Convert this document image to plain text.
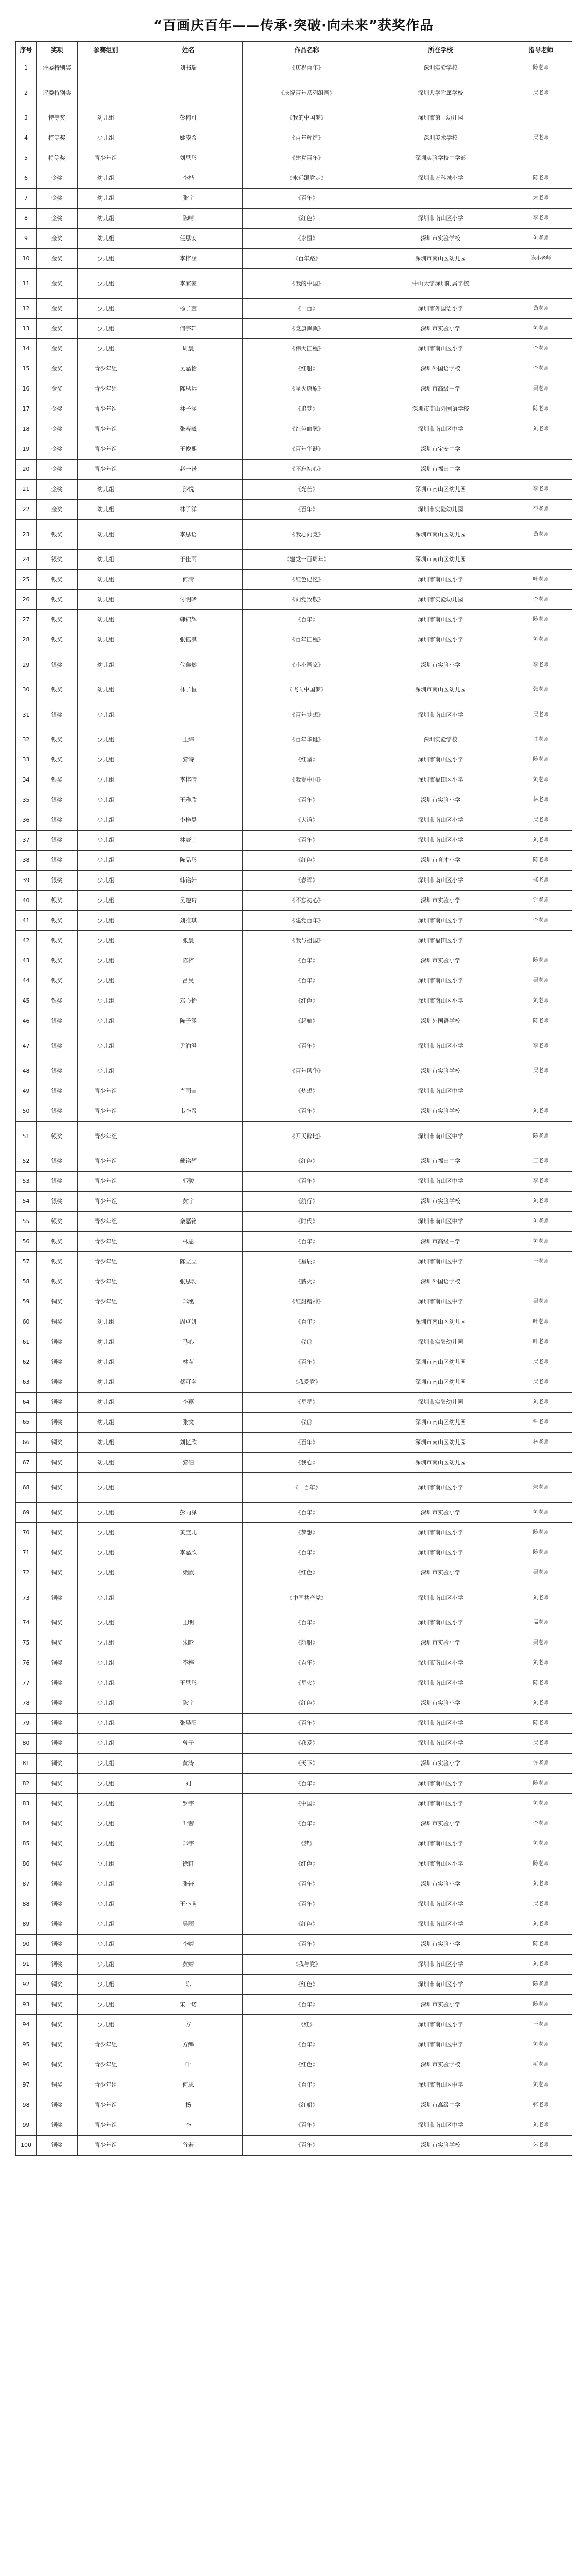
“百画庆百年——传承·突破·向未来”获奖作品
序号	奖项	参赛组别	姓名	作品名称	所在学校	指导老师
1	评委特别奖		刘书瑞	《庆祝百年》	深圳实验学校	陈老师
2	评委特别奖			《庆祝百年系列组画》	深圳大学附属学校	吴老师
3	特等奖	幼儿组	彭柯可	《我的中国梦》	深圳市第一幼儿园	
4	特等奖	少儿组	姚凌希	《百年辉煌》	深圳美术学校	吴老师
5	特等奖	青少年组	刘思彤	《建党百年》	深圳实验学校中学部	
6	金奖	幼儿组	李楷	《永远跟党走》	深圳市万科城小学	陈老师
7	金奖	幼儿组	张宇	《百年》		大老师
8	金奖	幼儿组	陈晴	《红色》	深圳市南山区小学	李老师
9	金奖	幼儿组	任思安	《永恒》	深圳市实验学校	刘老师
10	金奖	少儿组	李梓涵	《百年路》	深圳市南山区幼儿园	陈小老师
11	金奖	少儿组	李家豪	《我的中国》	中山大学深圳附属学校	
12	金奖	少儿组	杨子萱	《一百》	深圳市外国语小学	黄老师
13	金奖	少儿组	何宇轩	《党旗飘飘》	深圳市实验小学	刘老师
14	金奖	少儿组	周晨	《伟大征程》	深圳市南山区小学	李老师
15	金奖	青少年组	吴嘉怡	《红船》	深圳外国语学校	李老师
16	金奖	青少年组	陈思远	《星火燎原》	深圳市高级中学	吴老师
17	金奖	青少年组	林子涵	《追梦》	深圳市南山外国语学校	陈老师
18	金奖	青少年组	张若曦	《红色血脉》	深圳市南山区中学	刘老师
19	金奖	青少年组	王俊熙	《百年华诞》	深圳市宝安中学	
20	金奖	青少年组	赵一诺	《不忘初心》	深圳市福田中学	
21	金奖	幼儿组	孙悦	《光芒》	深圳市南山区幼儿园	李老师
22	金奖	幼儿组	林子洋	《百年》	深圳市实验幼儿园	李老师
23	银奖	幼儿组	李思语	《我心向党》	深圳市南山区幼儿园	黄老师
24	银奖	幼儿组	于佳雨	《建党一百周年》	深圳市南山区幼儿园	
25	银奖	幼儿组	何清	《红色记忆》	深圳市南山区小学	叶老师
26	银奖	幼儿组	付明晞	《向党致敬》	深圳市实验幼儿园	李老师
27	银奖	幼儿组	韩锦辉	《百年》	深圳市南山区小学	陈老师
28	银奖	幼儿组	张钰淇	《百年征程》	深圳市南山区小学	刘老师
29	银奖	幼儿组	代鑫然	《小小画家》	深圳市实验小学	李老师
30	银奖	幼儿组	林子恒	《飞向中国梦》	深圳市南山区幼儿园	张老师
31	银奖	少儿组		《百年梦想》	深圳市南山区小学	吴老师
32	银奖	少儿组	王炜	《百年华诞》	深圳实验学校	许老师
33	银奖	少儿组	黎诗	《红星》	深圳市南山区小学	陈老师
34	银奖	少儿组	李梓晴	《我爱中国》	深圳市福田区小学	刘老师
35	银奖	少儿组	王雅欣	《百年》	深圳市实验小学	林老师
36	银奖	少儿组	李梓昊	《大道》	深圳市南山区小学	吴老师
37	银奖	少儿组	林豪宇	《百年》	深圳市南山区小学	刘老师
38	银奖	少儿组	陈品彤	《红色》	深圳市育才小学	陈老师
39	银奖	少儿组	韩铭轩	《春晖》	深圳市南山区小学	杨老师
40	银奖	少儿组	吴楚珩	《不忘初心》	深圳市实验小学	钟老师
41	银奖	少儿组	刘雅琪	《建党百年》	深圳市南山区小学	李老师
42	银奖	少儿组	张晨	《我与祖国》	深圳市福田区小学	
43	银奖	少儿组	陈梓	《百年》	深圳市实验小学	陈老师
44	银奖	少儿组	吕昊	《百年》	深圳市南山区小学	吴老师
45	银奖	少儿组	邓心怡	《红色》	深圳市南山区小学	刘老师
46	银奖	少儿组	陈子涵	《起航》	深圳外国语学校	陈老师
47	银奖	少儿组	尹泊澄	《百年》	深圳市南山区小学	李老师
48	银奖	少儿组		《百年风华》	深圳市实验学校	吴老师
49	银奖	青少年组	肖雨萱	《梦想》	深圳市南山区中学	
50	银奖	青少年组	韦李希	《百年》	深圳市实验学校	刘老师
51	银奖	青少年组		《开天辟地》	深圳市南山区中学	陈老师
52	银奖	青少年组	戴铭辉	《红色》	深圳市福田中学	王老师
53	银奖	青少年组	郭骏	《百年》	深圳市南山区中学	李老师
54	银奖	青少年组	黄宇	《航行》	深圳市实验学校	刘老师
55	银奖	青少年组	余嘉铭	《时代》	深圳市南山区中学	刘老师
56	银奖	青少年组	林思	《百年》	深圳市高级中学	刘老师
57	银奖	青少年组	陈立立	《星辰》	深圳市南山区中学	王老师
58	银奖	青少年组	张思勃	《薪火》	深圳外国语学校	
59	铜奖	青少年组	郑泓	《红船精神》	深圳市南山区中学	吴老师
60	铜奖	幼儿组	周卓妍	《百年》	深圳市南山区幼儿园	叶老师
61	铜奖	幼儿组	马心	《红》	深圳市实验幼儿园	叶老师
62	铜奖	幼儿组	林苗	《百年》	深圳市南山区幼儿园	吴老师
63	铜奖	幼儿组	蔡可名	《我爱党》	深圳市南山区幼儿园	吴老师
64	铜奖	幼儿组	李嘉	《星星》	深圳市实验幼儿园	刘老师
65	铜奖	幼儿组	张文	《红》	深圳市南山区幼儿园	钟老师
66	铜奖	幼儿组	刘忆欣	《百年》	深圳市南山区幼儿园	林老师
67	铜奖	幼儿组	黎伯	《我心》	深圳市南山区幼儿园	
68	铜奖	少儿组		《一百年》	深圳市南山区小学	朱老师
69	铜奖	少儿组	彭雨泽	《百年》	深圳市实验小学	刘老师
70	铜奖	少儿组	黄宝儿	《梦想》	深圳市南山区小学	陈老师
71	铜奖	少儿组	李嘉欣	《百年》	深圳市南山区小学	陈老师
72	铜奖	少儿组	梁欣	《红色》	深圳市实验小学	吴老师
73	铜奖	少儿组		《中国共产党》	深圳市南山区小学	刘老师
74	铜奖	少儿组	王明	《百年》	深圳市南山区小学	孟老师
75	铜奖	少儿组	朱晗	《航船》	深圳市实验小学	吴老师
76	铜奖	少儿组	李梓	《百年》	深圳市南山区小学	刘老师
77	铜奖	少儿组	王思彤	《星火》	深圳市南山区小学	陈老师
78	铜奖	少儿组	陈宇	《红色》	深圳市实验小学	刘老师
79	铜奖	少儿组	张晨阳	《百年》	深圳市南山区小学	陈老师
80	铜奖	少儿组	曾子	《我爱》	深圳市南山区小学	吴老师
81	铜奖	少儿组	黄涛	《天下》	深圳市实验小学	许老师
82	铜奖	少儿组	刘	《百年》	深圳市南山区小学	陈老师
83	铜奖	少儿组	罗宇	《中国》	深圳市南山区小学	刘老师
84	铜奖	少儿组	叶茜	《百年》	深圳市实验小学	李老师
85	铜奖	少儿组	郑宇	《梦》	深圳市南山区小学	刘老师
86	铜奖	少儿组	徐轩	《红色》	深圳市南山区小学	陈老师
87	铜奖	少儿组	张轩	《百年》	深圳市实验小学	刘老师
88	铜奖	少儿组	王小萌	《百年》	深圳市南山区小学	吴老师
89	铜奖	少儿组	吴雨	《红色》	深圳市南山区小学	刘老师
90	铜奖	少儿组	李婷	《百年》	深圳市实验小学	陈老师
91	铜奖	少儿组	黄婷	《我与党》	深圳市南山区小学	刘老师
92	铜奖	少儿组	陈	《红色》	深圳市南山区小学	陈老师
93	铜奖	少儿组	宋一诺	《百年》	深圳市实验小学	陈老师
94	铜奖	少儿组	方	《红》	深圳市南山区小学	王老师
95	铜奖	青少年组	方鳞	《百年》	深圳市南山区中学	刘老师
96	铜奖	青少年组	叶	《红色》	深圳市实验学校	毛老师
97	铜奖	青少年组	何思	《百年》	深圳市南山区中学	刘老师
98	铜奖	青少年组	杨	《红船》	深圳市高级中学	张老师
99	铜奖	青少年组	李	《百年》	深圳市南山区中学	刘老师
100	铜奖	青少年组	谷若	《百年》	深圳市实验学校	朱老师
